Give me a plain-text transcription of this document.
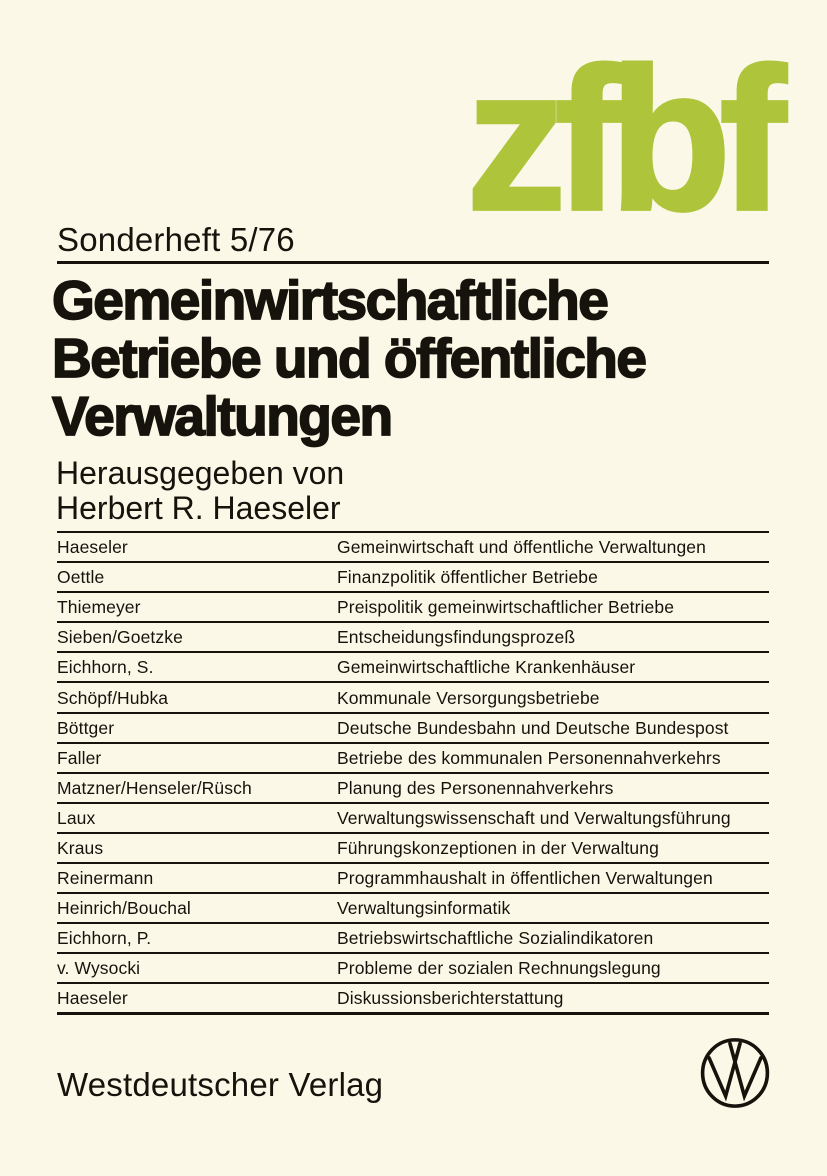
zfbf
Sonderheft 5/76
Gemeinwirtschaftliche
Betriebe und öffentliche
Verwaltungen
Herausgegeben von
Herbert R. Haeseler
Haeseler	Gemeinwirtschaft und öffentliche Verwaltungen
Oettle	Finanzpolitik öffentlicher Betriebe
Thiemeyer	Preispolitik gemeinwirtschaftlicher Betriebe
Sieben/Goetzke	Entscheidungsfindungsprozeß
Eichhorn, S.	Gemeinwirtschaftliche Krankenhäuser
Schöpf/Hubka	Kommunale Versorgungsbetriebe
Böttger	Deutsche Bundesbahn und Deutsche Bundespost
Faller	Betriebe des kommunalen Personennahverkehrs
Matzner/Henseler/Rüsch	Planung des Personennahverkehrs
Laux	Verwaltungswissenschaft und Verwaltungsführung
Kraus	Führungskonzeptionen in der Verwaltung
Reinermann	Programmhaushalt in öffentlichen Verwaltungen
Heinrich/Bouchal	Verwaltungsinformatik
Eichhorn, P.	Betriebswirtschaftliche Sozialindikatoren
v. Wysocki	Probleme der sozialen Rechnungslegung
Haeseler	Diskussionsberichterstattung
Westdeutscher Verlag
